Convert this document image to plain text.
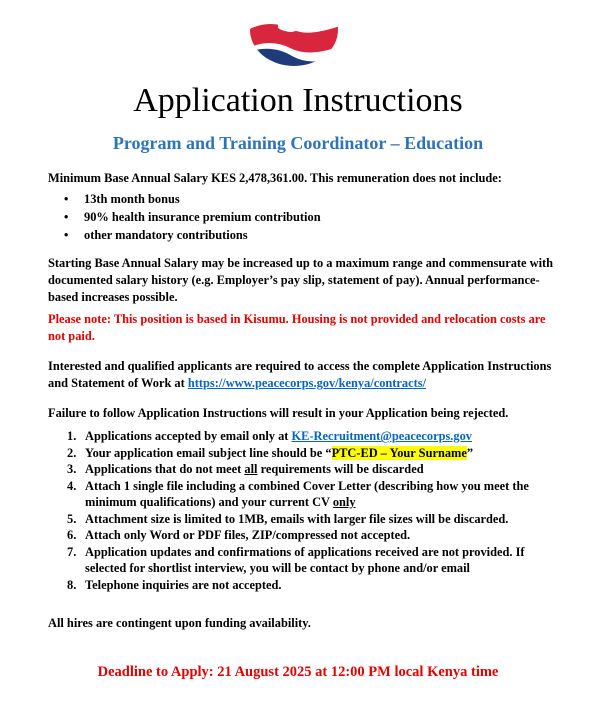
Application Instructions
Program and Training Coordinator – Education

Minimum Base Annual Salary KES 2,478,361.00. This remuneration does not include:

• 13th month bonus
• 90% health insurance premium contribution
• other mandatory contributions

Starting Base Annual Salary may be increased up to a maximum range and commensurate with documented salary history (e.g. Employer’s pay slip, statement of pay). Annual performance-based increases possible.

Please note: This position is based in Kisumu. Housing is not provided and relocation costs are not paid.

Interested and qualified applicants are required to access the complete Application Instructions and Statement of Work at https://www.peacecorps.gov/kenya/contracts/

Failure to follow Application Instructions will result in your Application being rejected.

1. Applications accepted by email only at KE-Recruitment@peacecorps.gov
2. Your application email subject line should be “PTC-ED – Your Surname”
3. Applications that do not meet all requirements will be discarded
4. Attach 1 single file including a combined Cover Letter (describing how you meet the minimum qualifications) and your current CV only
5. Attachment size is limited to 1MB, emails with larger file sizes will be discarded.
6. Attach only Word or PDF files, ZIP/compressed not accepted.
7. Application updates and confirmations of applications received are not provided. If selected for shortlist interview, you will be contact by phone and/or email
8. Telephone inquiries are not accepted.

All hires are contingent upon funding availability.

Deadline to Apply: 21 August 2025 at 12:00 PM local Kenya time
